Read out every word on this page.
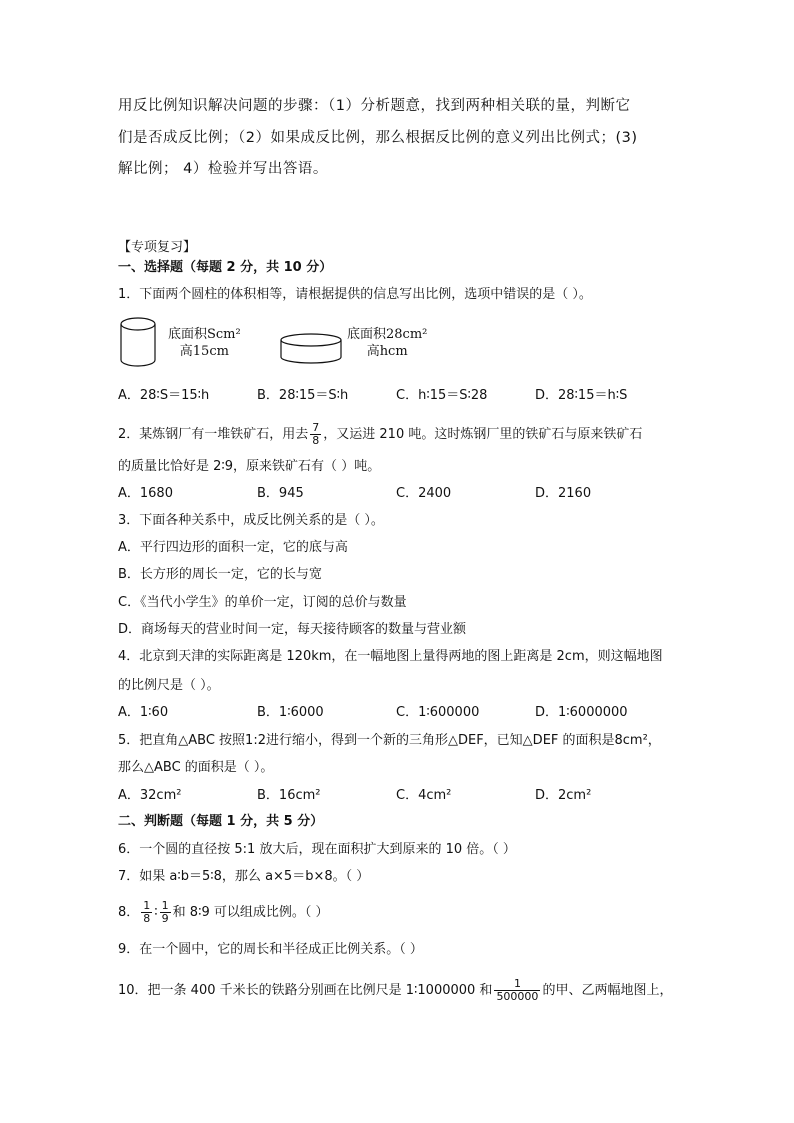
用反比例知识解决问题的步骤：（1）分析题意，找到两种相关联的量，判断它
们是否成反比例；（2）如果成反比例，那么根据反比例的意义列出比例式；(3)
解比例； 4）检验并写出答语。
【专项复习】
一、选择题（每题 2 分，共 10 分）
1．下面两个圆柱的体积相等，请根据提供的信息写出比例，选项中错误的是（ ）。
底面积Scm²
高15cm
底面积28cm²
高hcm
A．28∶S＝15∶h	B．28∶15＝S∶h	C．h∶15＝S∶28	D．28∶15＝h∶S
2．某炼钢厂有一堆铁矿石，用去 $\frac{7}{8}$ ，又运进 210 吨。这时炼钢厂里的铁矿石与原来铁矿石
的质量比恰好是 2∶9，原来铁矿石有（ ）吨。
A．1680	B．945	C．2400	D．2160
3．下面各种关系中，成反比例关系的是（ ）。
A．平行四边形的面积一定，它的底与高
B．长方形的周长一定，它的长与宽
C．《当代小学生》的单价一定，订阅的总价与数量
D．商场每天的营业时间一定，每天接待顾客的数量与营业额
4．北京到天津的实际距离是 120km，在一幅地图上量得两地的图上距离是 2cm，则这幅地图
的比例尺是（ ）。
A．1∶60	B．1∶6000	C．1∶600000	D．1∶6000000
5．把直角△ABC 按照1:2进行缩小，得到一个新的三角形△DEF，已知△DEF 的面积是8cm²，
那么△ABC 的面积是（ ）。
A．32cm²	B．16cm²	C．4cm²	D．2cm²
二、判断题（每题 1 分，共 5 分）
6．一个圆的直径按 5:1 放大后，现在面积扩大到原来的 10 倍。（ ）
7．如果 a∶b＝5∶8，那么 a×5＝b×8。（ ）
8． $\frac{1}{8}$ ∶ $\frac{1}{9}$ 和 8∶9 可以组成比例。（ ）
9．在一个圆中，它的周长和半径成正比例关系。（ ）
10．把一条 400 千米长的铁路分别画在比例尺是 1∶1000000 和 $\frac{1}{500000}$ 的甲、乙两幅地图上，
